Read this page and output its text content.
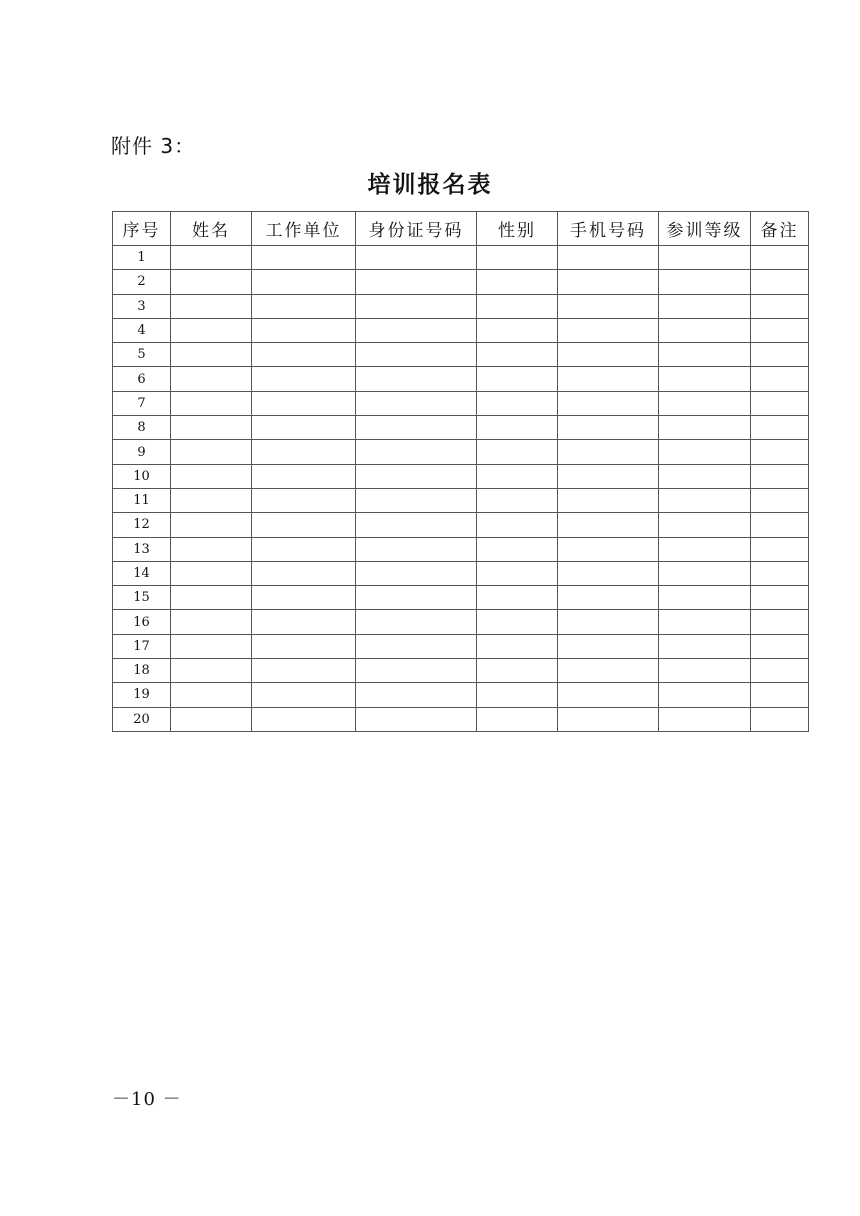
附件 3：
培训报名表
序号	姓名	工作单位	身份证号码	性别	手机号码	参训等级	备注
1							
2							
3							
4							
5							
6							
7							
8							
9							
10							
11							
12							
13							
14							
15							
16							
17							
18							
19							
20							
－10 －
